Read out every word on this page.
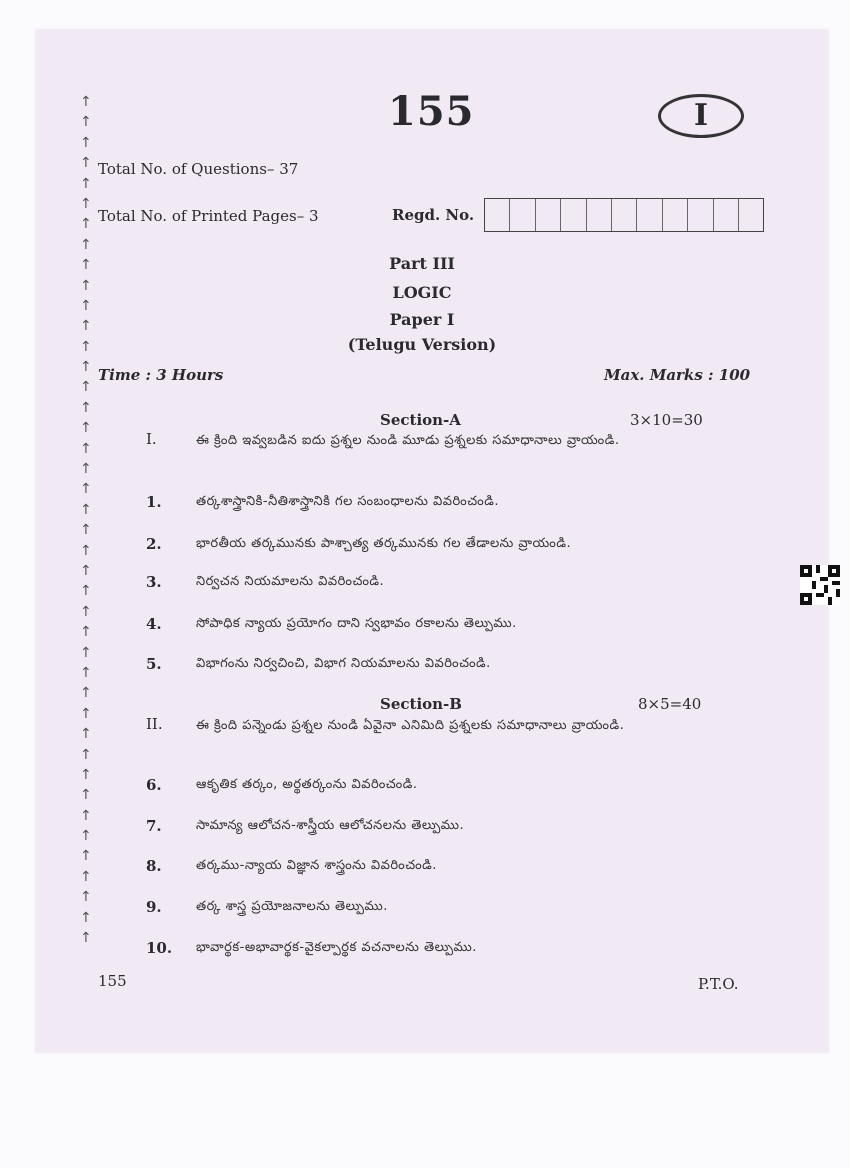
↑
↑
↑
↑
↑
↑
↑
↑
↑
↑
↑
↑
↑
↑
↑
↑
↑
↑
↑
↑
↑
↑
↑
↑
↑
↑
↑
↑
↑
↑
↑
↑
↑
↑
↑
↑
↑
↑
↑
↑
↑
↑
155	I
Total No. of Questions– 37
Total No. of Printed Pages– 3	Regd. No.
Part III
LOGIC
Paper I
(Telugu Version)
Time : 3 Hours	Max. Marks : 100
Section-A	3×10=30
I.	ఈ క్రింది ఇవ్వబడిన ఐదు ప్రశ్నల నుండి మూడు ప్రశ్నలకు సమాధానాలు వ్రాయండి.
1.	తర్కశాస్త్రానికి-నీతిశాస్త్రానికి గల సంబంధాలను వివరించండి.
2.	భారతీయ తర్కమునకు పాశ్చాత్య తర్కమునకు గల తేడాలను వ్రాయండి.
3.	నిర్వచన నియమాలను వివరించండి.
4.	సోపాధిక న్యాయ ప్రయోగం దాని స్వభావం రకాలను తెల్పుము.
5.	విభాగంను నిర్వచించి, విభాగ నియమాలను వివరించండి.
Section-B	8×5=40
II.	ఈ క్రింది పన్నెండు ప్రశ్నల నుండి ఏవైనా ఎనిమిది ప్రశ్నలకు సమాధానాలు వ్రాయండి.
6.	ఆకృతిక తర్కం, అర్థతర్కంను వివరించండి.
7.	సామాన్య ఆలోచన-శాస్త్రీయ ఆలోచనలను తెల్పుము.
8.	తర్కము-న్యాయ విజ్ఞాన శాస్త్రంను వివరించండి.
9.	తర్క శాస్త్ర ప్రయోజనాలను తెల్పుము.
10. భావార్థక-అభావార్థక-వైకల్పార్థక వచనాలను తెల్పుము.
155	P.T.O.
